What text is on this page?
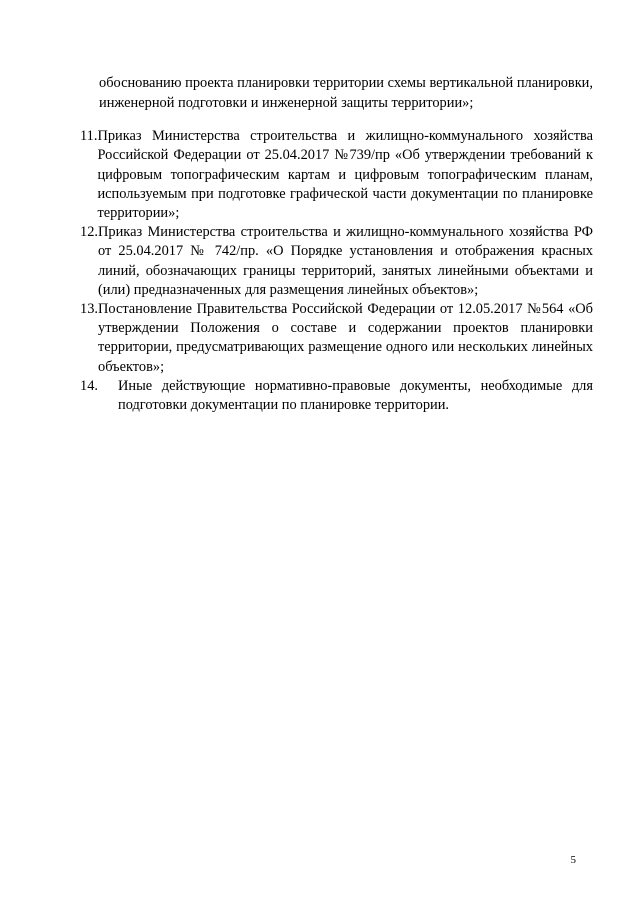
обоснованию проекта планировки территории схемы вертикальной планировки, инженерной подготовки и инженерной защиты территории»;

11. Приказ Министерства строительства и жилищно-коммунального хозяйства Российской Федерации от 25.04.2017 №739/пр «Об утверждении требований к цифровым топографическим картам и цифровым топографическим планам, используемым при подготовке графической части документации по планировке территории»;
12. Приказ Министерства строительства и жилищно-коммунального хозяйства РФ от 25.04.2017 № 742/пр. «О Порядке установления и отображения красных линий, обозначающих границы территорий, занятых линейными объектами и (или) предназначенных для размещения линейных объектов»;
13. Постановление Правительства Российской Федерации от 12.05.2017 №564 «Об утверждении Положения о составе и содержании проектов планировки территории, предусматривающих размещение одного или нескольких линейных объектов»;
14.	Иные действующие нормативно-правовые документы, необходимые для подготовки документации по планировке территории.
5
